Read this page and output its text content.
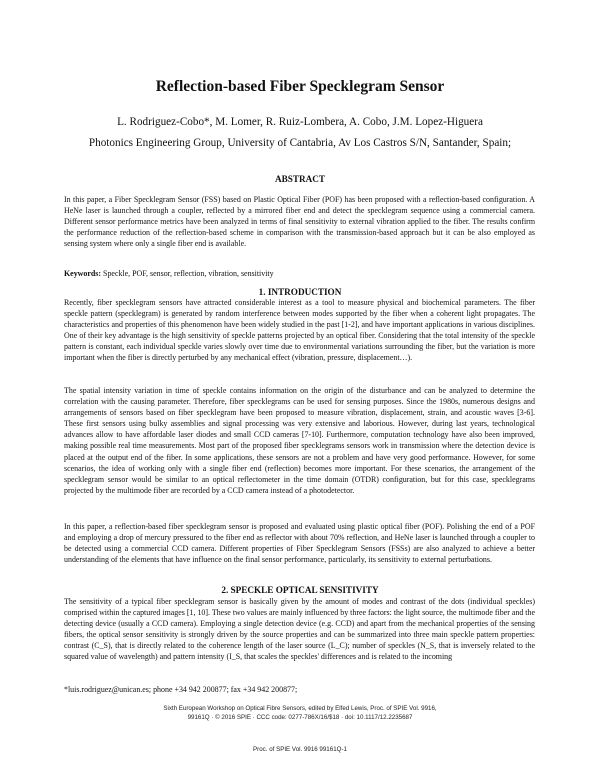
Reflection-based Fiber Specklegram Sensor
L. Rodriguez-Cobo*, M. Lomer, R. Ruiz-Lombera, A. Cobo, J.M. Lopez-Higuera
Photonics Engineering Group, University of Cantabria, Av Los Castros S/N, Santander, Spain;
ABSTRACT

In this paper, a Fiber Specklegram Sensor (FSS) based on Plastic Optical Fiber (POF) has been proposed with a reflection-based configuration. A HeNe laser is launched through a coupler, reflected by a mirrored fiber end and detect the specklegram sequence using a commercial camera. Different sensor performance metrics have been analyzed in terms of final sensitivity to external vibration applied to the fiber. The results confirm the performance reduction of the reflection-based scheme in comparison with the transmission-based approach but it can be also employed as sensing system where only a single fiber end is available.

Keywords: Speckle, POF, sensor, reflection, vibration, sensitivity

1. INTRODUCTION

Recently, fiber specklegram sensors have attracted considerable interest as a tool to measure physical and biochemical parameters. The fiber speckle pattern (specklegram) is generated by random interference between modes supported by the fiber when a coherent light propagates. The characteristics and properties of this phenomenon have been widely studied in the past [1-2], and have important applications in various disciplines. One of their key advantage is the high sensitivity of speckle patterns projected by an optical fiber. Considering that the total intensity of the speckle pattern is constant, each individual speckle varies slowly over time due to environmental variations surrounding the fiber, but the variation is more important when the fiber is directly perturbed by any mechanical effect (vibration, pressure, displacement…).

The spatial intensity variation in time of speckle contains information on the origin of the disturbance and can be analyzed to determine the correlation with the causing parameter. Therefore, fiber specklegrams can be used for sensing purposes. Since the 1980s, numerous designs and arrangements of sensors based on fiber specklegram have been proposed to measure vibration, displacement, strain, and acoustic waves [3-6]. These first sensors using bulky assemblies and signal processing was very extensive and laborious. However, during last years, technological advances allow to have affordable laser diodes and small CCD cameras [7-10]. Furthermore, computation technology have also been improved, making possible real time measurements. Most part of the proposed fiber specklegrams sensors work in transmission where the detection device is placed at the output end of the fiber. In some applications, these sensors are not a problem and have very good performance. However, for some scenarios, the idea of working only with a single fiber end (reflection) becomes more important. For these scenarios, the arrangement of the specklegram sensor would be similar to an optical reflectometer in the time domain (OTDR) configuration, but for this case, specklegrams projected by the multimode fiber are recorded by a CCD camera instead of a photodetector.

In this paper, a reflection-based fiber specklegram sensor is proposed and evaluated using plastic optical fiber (POF). Polishing the end of a POF and employing a drop of mercury pressured to the fiber end as reflector with about 70% reflection, and HeNe laser is launched through a coupler to be detected using a commercial CCD camera. Different properties of Fiber Specklegram Sensors (FSSs) are also analyzed to achieve a better understanding of the elements that have influence on the final sensor performance, particularly, its sensitivity to external perturbations.

2. SPECKLE OPTICAL SENSITIVITY

The sensitivity of a typical fiber specklegram sensor is basically given by the amount of modes and contrast of the dots (individual speckles) comprised within the captured images [1, 10]. These two values are mainly influenced by three factors: the light source, the multimode fiber and the detecting device (usually a CCD camera). Employing a single detection device (e.g. CCD) and apart from the mechanical properties of the sensing fibers, the optical sensor sensitivity is strongly driven by the source properties and can be summarized into three main speckle pattern properties: contrast (C_S), that is directly related to the coherence length of the laser source (L_C); number of speckles (N_S, that is inversely related to the squared value of wavelength) and pattern intensity (I_S, that scales the speckles' differences and is related to the incoming

*luis.rodriguez@unican.es; phone +34 942 200877; fax +34 942 200877;
Sixth European Workshop on Optical Fibre Sensors, edited by Elfed Lewis, Proc. of SPIE Vol. 9916,
99161Q · © 2016 SPIE · CCC code: 0277-786X/16/$18 · doi: 10.1117/12.2235687
Proc. of SPIE Vol. 9916 99161Q-1
